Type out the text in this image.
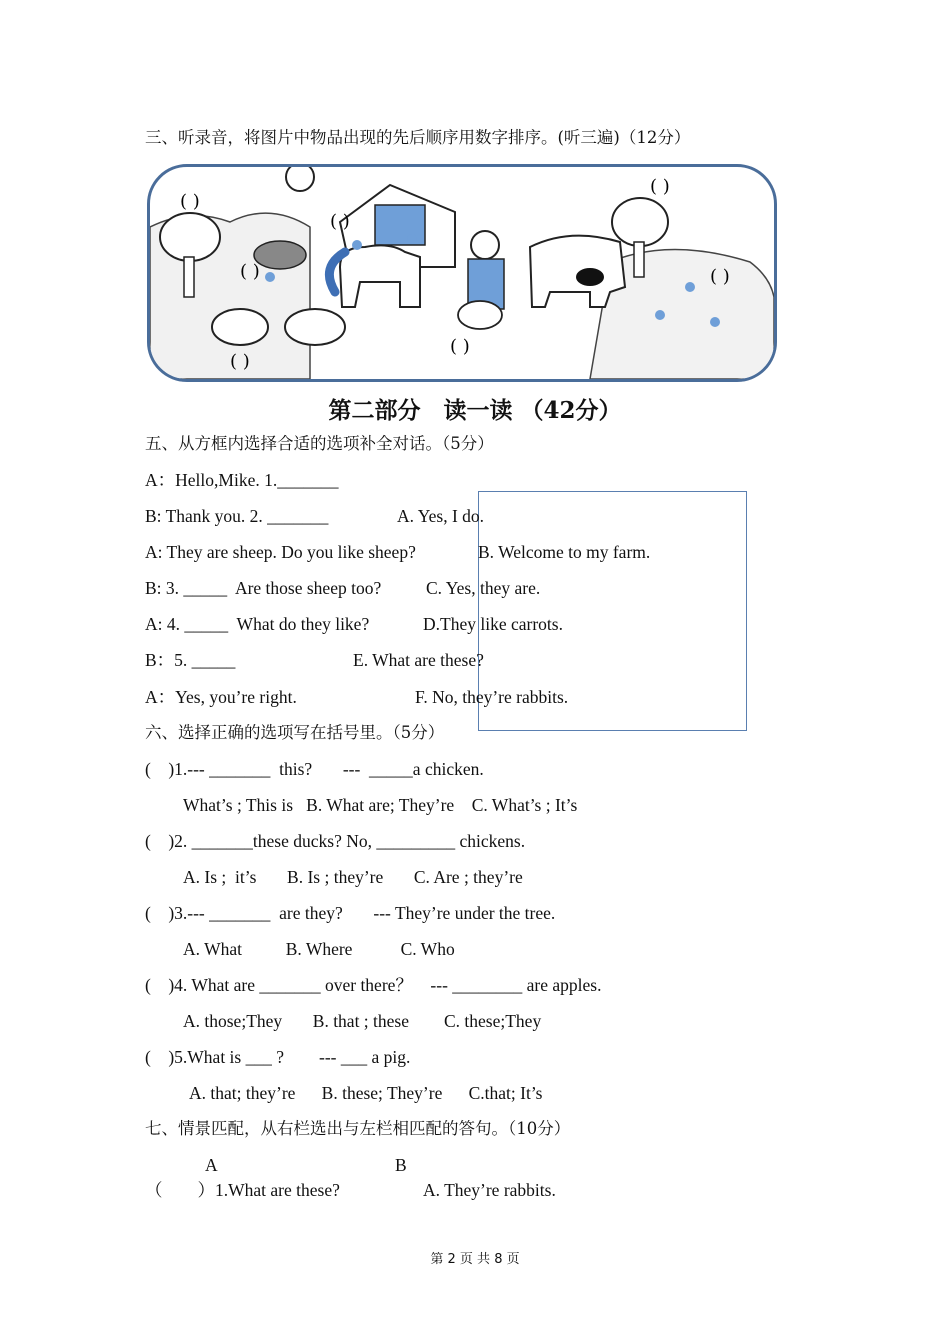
三、听录音，将图片中物品出现的先后顺序用数字排序。(听三遍)（12分）
( )
( )
( )
( )
( )
( )
( )
第二部分　读一读 （42分）
五、从方框内选择合适的选项补全对话。（5分）
A：Hello,Mike. 1._______
B: Thank you. 2. _______
A: They are sheep. Do you like sheep?
B: 3. _____  Are those sheep too?
A: 4. _____  What do they like?
B：5. _____
A：Yes, you’re right.
A. Yes, I do.
B. Welcome to my farm.
C. Yes, they are.
D.They like carrots.
E. What are these?
F. No, they’re rabbits.
六、选择正确的选项写在括号里。（5分）
(    )1.--- _______  this?       ---  _____a chicken.
What’s ; This is   B. What are; They’re    C. What’s ; It’s
(    )2. _______these ducks? No, _________ chickens.
A. Is ;  it’s       B. Is ; they’re       C. Are ; they’re
(    )3.--- _______  are they?       --- They’re under the tree.
A. What          B. Where           C. Who
(    )4. What are _______ over there？    --- ________ are apples.
A. those;They       B. that ; these        C. these;They
(    )5.What is ___ ?        --- ___ a pig.
A. that; they’re      B. these; They’re      C.that; It’s
七、情景匹配，从右栏选出与左栏相匹配的答句。（10分）
A	B
（        ）1.What are these?	A. They’re rabbits.
第 2 页 共 8 页
